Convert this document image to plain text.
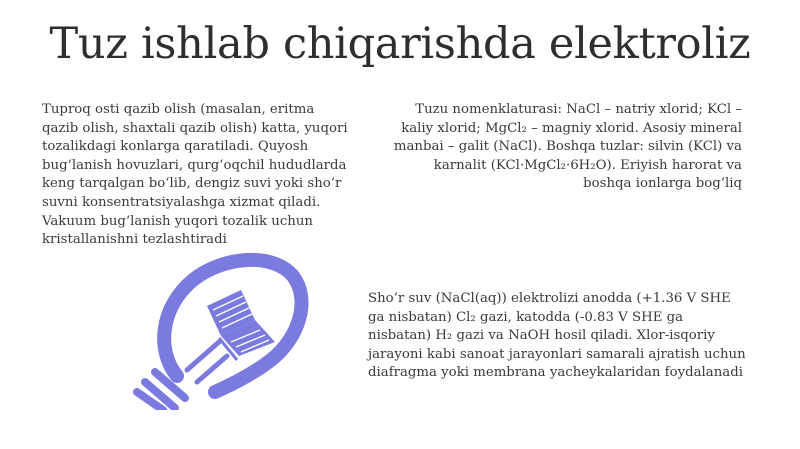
Tuz ishlab chiqarishda elektroliz
Tuproq osti qazib olish (masalan, eritma qazib olish, shaxtali qazib olish) katta, yuqori tozalikdagi konlarga qaratiladi. Quyosh bug‘lanish hovuzlari, qurg‘oqchil hududlarda keng tarqalgan bo‘lib, dengiz suvi yoki sho‘r suvni konsentratsiyalashga xizmat qiladi. Vakuum bug‘lanish yuqori tozalik uchun kristallanishni tezlashtiradi
Tuzu nomenklaturasi: NaCl – natriy xlorid; KCl – kaliy xlorid; MgCl₂ – magniy xlorid. Asosiy mineral manbai – galit (NaCl). Boshqa tuzlar: silvin (KCl) va karnalit (KCl·MgCl₂·6H₂O). Eriyish harorat va boshqa ionlarga bog‘liq
Sho‘r suv (NaCl(aq)) elektrolizi anodda (+1.36 V SHE ga nisbatan) Cl₂ gazi, katodda (-0.83 V SHE ga nisbatan) H₂ gazi va NaOH hosil qiladi. Xlor-isqoriy jarayoni kabi sanoat jarayonlari samarali ajratish uchun diafragma yoki membrana yacheykalaridan foydalanadi
